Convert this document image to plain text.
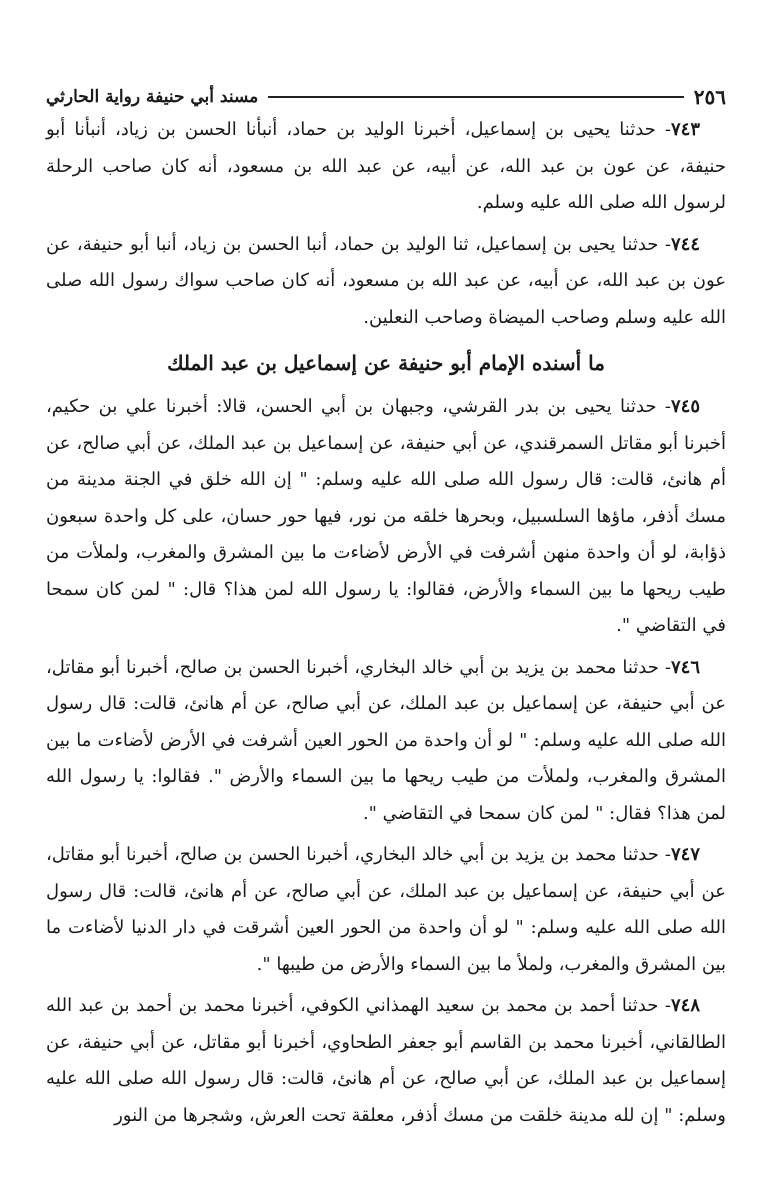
٢٥٦
مسند أبي حنيفة رواية الحارثي

٧٤٣- حدثنا يحيى بن إسماعيل، أخبرنا الوليد بن حماد، أنبأنا الحسن بن زياد، أنبأنا أبو حنيفة، عن عون بن عبد الله، عن أبيه، عن عبد الله بن مسعود، أنه كان صاحب الرحلة لرسول الله صلى الله عليه وسلم.

٧٤٤- حدثنا يحيى بن إسماعيل، ثنا الوليد بن حماد، أنبا الحسن بن زياد، أنبا أبو حنيفة، عن عون بن عبد الله، عن أبيه، عن عبد الله بن مسعود، أنه كان صاحب سواك رسول الله صلى الله عليه وسلم وصاحب الميضاة وصاحب النعلين.

ما أسنده الإمام أبو حنيفة عن إسماعيل بن عبد الملك

٧٤٥- حدثنا يحيى بن بدر القرشي، وجبهان بن أبي الحسن، قالا: أخبرنا علي بن حكيم، أخبرنا أبو مقاتل السمرقندي، عن أبي حنيفة، عن إسماعيل بن عبد الملك، عن أبي صالح، عن أم هانئ، قالت: قال رسول الله صلى الله عليه وسلم: " إن الله خلق في الجنة مدينة من مسك أذفر، ماؤها السلسبيل، وبحرها خلقه من نور، فيها حور حسان، على كل واحدة سبعون ذؤابة، لو أن واحدة منهن أشرفت في الأرض لأضاءت ما بين المشرق والمغرب، ولملأت من طيب ريحها ما بين السماء والأرض، فقالوا: يا رسول الله لمن هذا؟ قال: " لمن كان سمحا في التقاضي ".

٧٤٦- حدثنا محمد بن يزيد بن أبي خالد البخاري، أخبرنا الحسن بن صالح، أخبرنا أبو مقاتل، عن أبي حنيفة، عن إسماعيل بن عبد الملك، عن أبي صالح، عن أم هانئ، قالت: قال رسول الله صلى الله عليه وسلم: " لو أن واحدة من الحور العين أشرفت في الأرض لأضاءت ما بين المشرق والمغرب، ولملأت من طيب ريحها ما بين السماء والأرض ". فقالوا: يا رسول الله لمن هذا؟ فقال: " لمن كان سمحا في التقاضي ".

٧٤٧- حدثنا محمد بن يزيد بن أبي خالد البخاري، أخبرنا الحسن بن صالح، أخبرنا أبو مقاتل، عن أبي حنيفة، عن إسماعيل بن عبد الملك، عن أبي صالح، عن أم هانئ، قالت: قال رسول الله صلى الله عليه وسلم: " لو أن واحدة من الحور العين أشرقت في دار الدنيا لأضاءت ما بين المشرق والمغرب، ولملأ ما بين السماء والأرض من طيبها ".

٧٤٨- حدثنا أحمد بن محمد بن سعيد الهمذاني الكوفي، أخبرنا محمد بن أحمد بن عبد الله الطالقاني، أخبرنا محمد بن القاسم أبو جعفر الطحاوي، أخبرنا أبو مقاتل، عن أبي حنيفة، عن إسماعيل بن عبد الملك، عن أبي صالح، عن أم هانئ، قالت: قال رسول الله صلى الله عليه وسلم: " إن لله مدينة خلقت من مسك أذفر، معلقة تحت العرش، وشجرها من النور
